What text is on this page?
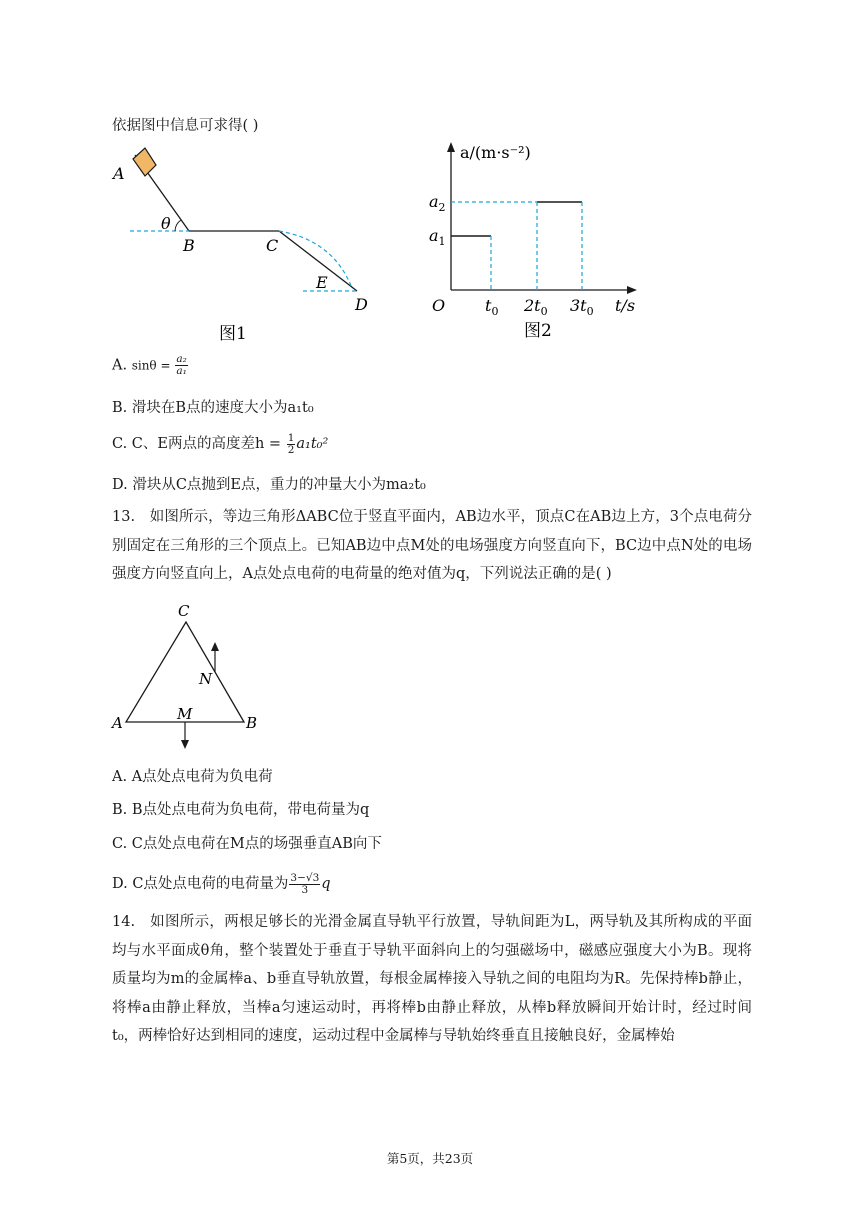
依据图中信息可求得( )
A
θ
B	C
E
D
图1
a/(m·s⁻²)
$a_2$
$a_1$
O $t_0$ $2t_0$ $3t_0$ t/s
图2
A. $\sin\theta = \frac{\text{a₂}}{\text{a₁}}$
B. 滑块在B点的速度大小为a₁t₀
C. C、E两点的高度差$h = \frac{1}{2} a_1t_0^2$
D. 滑块从C点抛到E点，重力的冲量大小为ma₂t₀
13.　如图所示，等边三角形ΔABC位于竖直平面内，AB边水平，顶点C在AB边上方，3个点电荷分别固定在三角形的三个顶点上。已知AB边中点M处的电场强度方向竖直向下，BC边中点N处的电场强度方向竖直向上，A点处点电荷的电荷量的绝对值为q，下列说法正确的是( )
C
N
M
A	B
A. A点处点电荷为负电荷
B. B点处点电荷为负电荷，带电荷量为q
C. C点处点电荷在M点的场强垂直AB向下
D. C点处点电荷的电荷量为 $\frac{3-√3}{3}$ q
14.　如图所示，两根足够长的光滑金属直导轨平行放置，导轨间距为L，两导轨及其所构成的平面均与水平面成θ角，整个装置处于垂直于导轨平面斜向上的匀强磁场中，磁感应强度大小为B。现将质量均为m的金属棒a、b垂直导轨放置，每根金属棒接入导轨之间的电阻均为R。先保持棒b静止，将棒a由静止释放，当棒a匀速运动时，再将棒b由静止释放，从棒b释放瞬间开始计时，经过时间t₀，两棒恰好达到相同的速度，运动过程中金属棒与导轨始终垂直且接触良好，金属棒始
第5页，共23页
